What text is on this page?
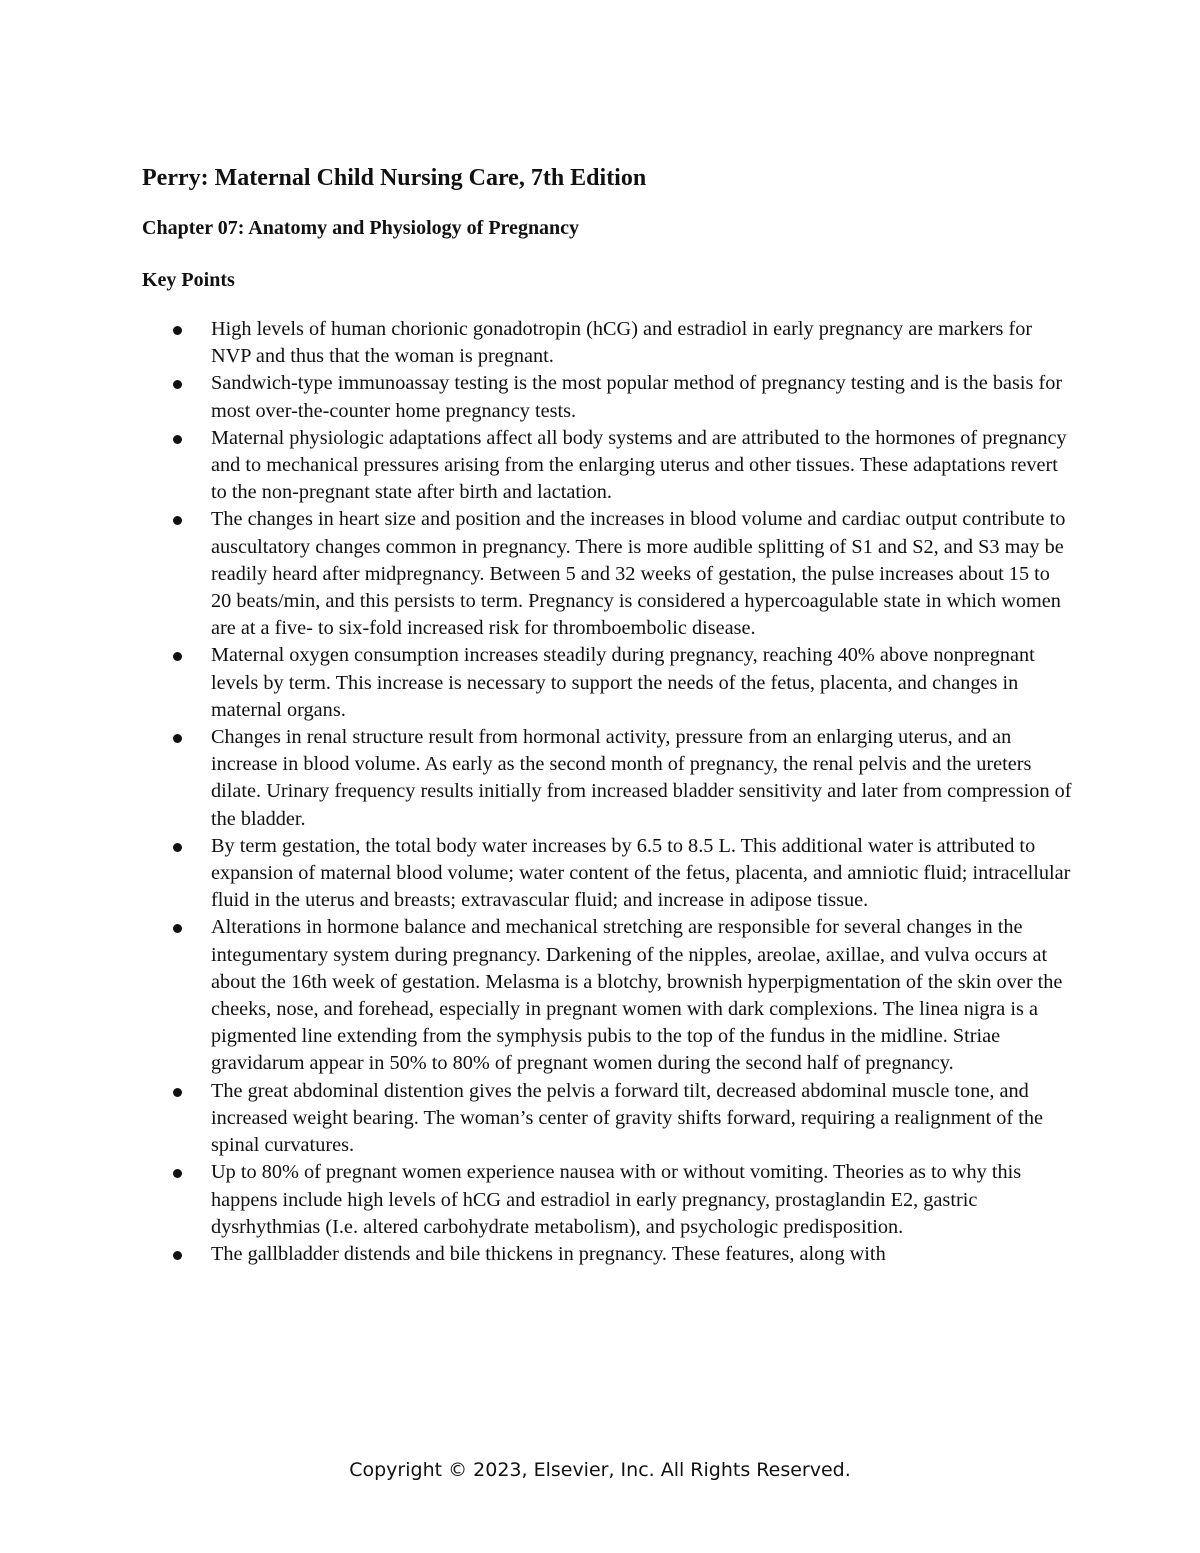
Perry: Maternal Child Nursing Care, 7th Edition
Chapter 07: Anatomy and Physiology of Pregnancy
Key Points
High levels of human chorionic gonadotropin (hCG) and estradiol in early pregnancy are markers for NVP and thus that the woman is pregnant.
Sandwich-type immunoassay testing is the most popular method of pregnancy testing and is the basis for most over-the-counter home pregnancy tests.
Maternal physiologic adaptations affect all body systems and are attributed to the hormones of pregnancy and to mechanical pressures arising from the enlarging uterus and other tissues. These adaptations revert to the non-pregnant state after birth and lactation.
The changes in heart size and position and the increases in blood volume and cardiac output contribute to auscultatory changes common in pregnancy. There is more audible splitting of S1 and S2, and S3 may be readily heard after midpregnancy. Between 5 and 32 weeks of gestation, the pulse increases about 15 to 20 beats/min, and this persists to term. Pregnancy is considered a hypercoagulable state in which women are at a five- to six-fold increased risk for thromboembolic disease.
Maternal oxygen consumption increases steadily during pregnancy, reaching 40% above nonpregnant levels by term. This increase is necessary to support the needs of the fetus, placenta, and changes in maternal organs.
Changes in renal structure result from hormonal activity, pressure from an enlarging uterus, and an increase in blood volume. As early as the second month of pregnancy, the renal pelvis and the ureters dilate. Urinary frequency results initially from increased bladder sensitivity and later from compression of the bladder.
By term gestation, the total body water increases by 6.5 to 8.5 L. This additional water is attributed to expansion of maternal blood volume; water content of the fetus, placenta, and amniotic fluid; intracellular fluid in the uterus and breasts; extravascular fluid; and increase in adipose tissue.
Alterations in hormone balance and mechanical stretching are responsible for several changes in the integumentary system during pregnancy. Darkening of the nipples, areolae, axillae, and vulva occurs at about the 16th week of gestation. Melasma is a blotchy, brownish hyperpigmentation of the skin over the cheeks, nose, and forehead, especially in pregnant women with dark complexions. The linea nigra is a pigmented line extending from the symphysis pubis to the top of the fundus in the midline. Striae gravidarum appear in 50% to 80% of pregnant women during the second half of pregnancy.
The great abdominal distention gives the pelvis a forward tilt, decreased abdominal muscle tone, and increased weight bearing. The woman’s center of gravity shifts forward, requiring a realignment of the spinal curvatures.
Up to 80% of pregnant women experience nausea with or without vomiting. Theories as to why this happens include high levels of hCG and estradiol in early pregnancy, prostaglandin E2, gastric dysrhythmias (I.e. altered carbohydrate metabolism), and psychologic predisposition.
The gallbladder distends and bile thickens in pregnancy. These features, along with
Copyright © 2023, Elsevier, Inc. All Rights Reserved.
